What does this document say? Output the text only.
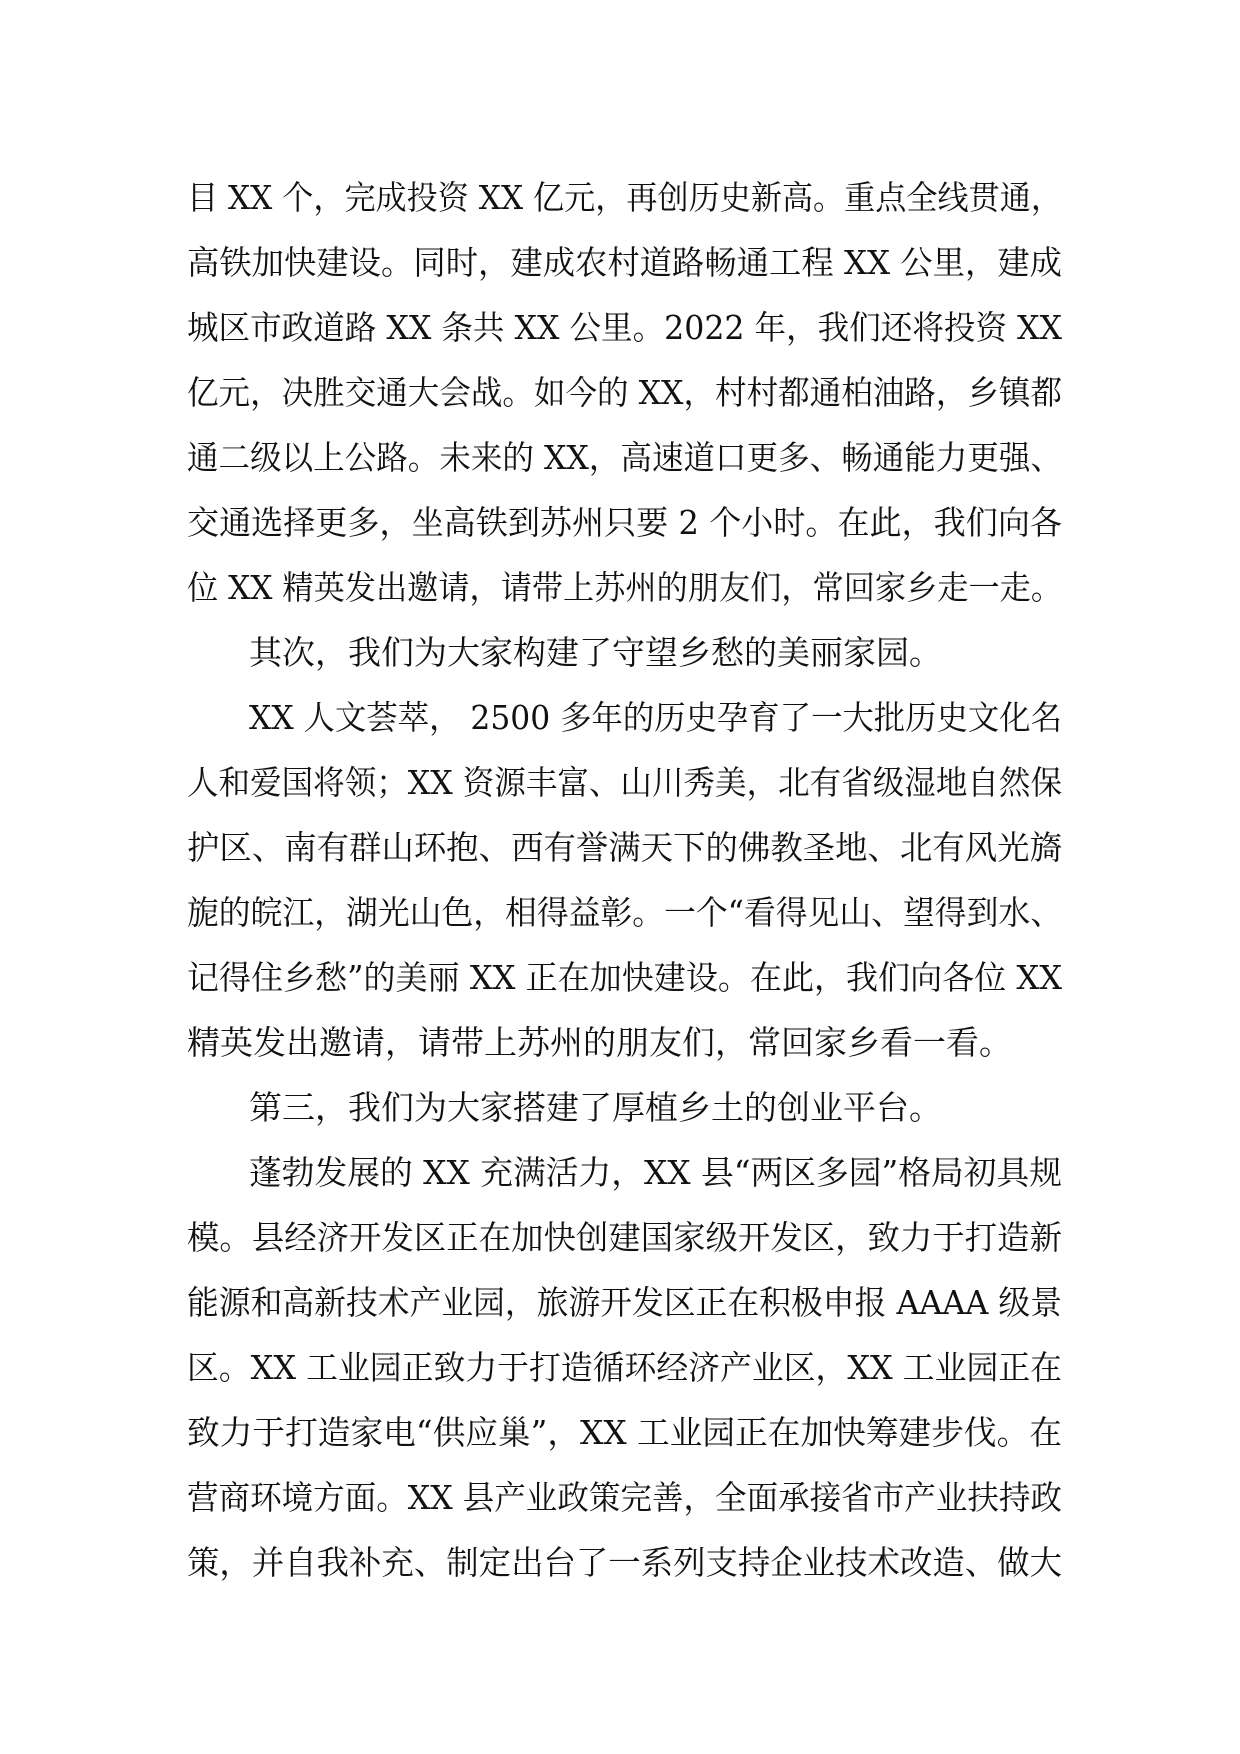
目 XX 个，完成投资 XX 亿元，再创历史新高。重点全线贯通，
高铁加快建设。同时，建成农村道路畅通工程 XX 公里，建成
城区市政道路 XX 条共 XX 公里。2022 年，我们还将投资 XX
亿元，决胜交通大会战。如今的 XX，村村都通柏油路，乡镇都
通二级以上公路。未来的 XX，高速道口更多、畅通能力更强、
交通选择更多，坐高铁到苏州只要 2 个小时。在此，我们向各
位 XX 精英发出邀请，请带上苏州的朋友们，常回家乡走一走。
其次，我们为大家构建了守望乡愁的美丽家园。
XX 人文荟萃， 2500 多年的历史孕育了一大批历史文化名
人和爱国将领；XX 资源丰富、山川秀美，北有省级湿地自然保
护区、南有群山环抱、西有誉满天下的佛教圣地、北有风光旖
旎的皖江，湖光山色，相得益彰。一个“看得见山、望得到水、
记得住乡愁”的美丽 XX 正在加快建设。在此，我们向各位 XX
精英发出邀请，请带上苏州的朋友们，常回家乡看一看。
第三，我们为大家搭建了厚植乡土的创业平台。
蓬勃发展的 XX 充满活力，XX 县“两区多园”格局初具规
模。县经济开发区正在加快创建国家级开发区，致力于打造新
能源和高新技术产业园，旅游开发区正在积极申报 AAAA 级景
区。XX 工业园正致力于打造循环经济产业区，XX 工业园正在
致力于打造家电“供应巢”，XX 工业园正在加快筹建步伐。在
营商环境方面。XX 县产业政策完善，全面承接省市产业扶持政
策，并自我补充、制定出台了一系列支持企业技术改造、做大
